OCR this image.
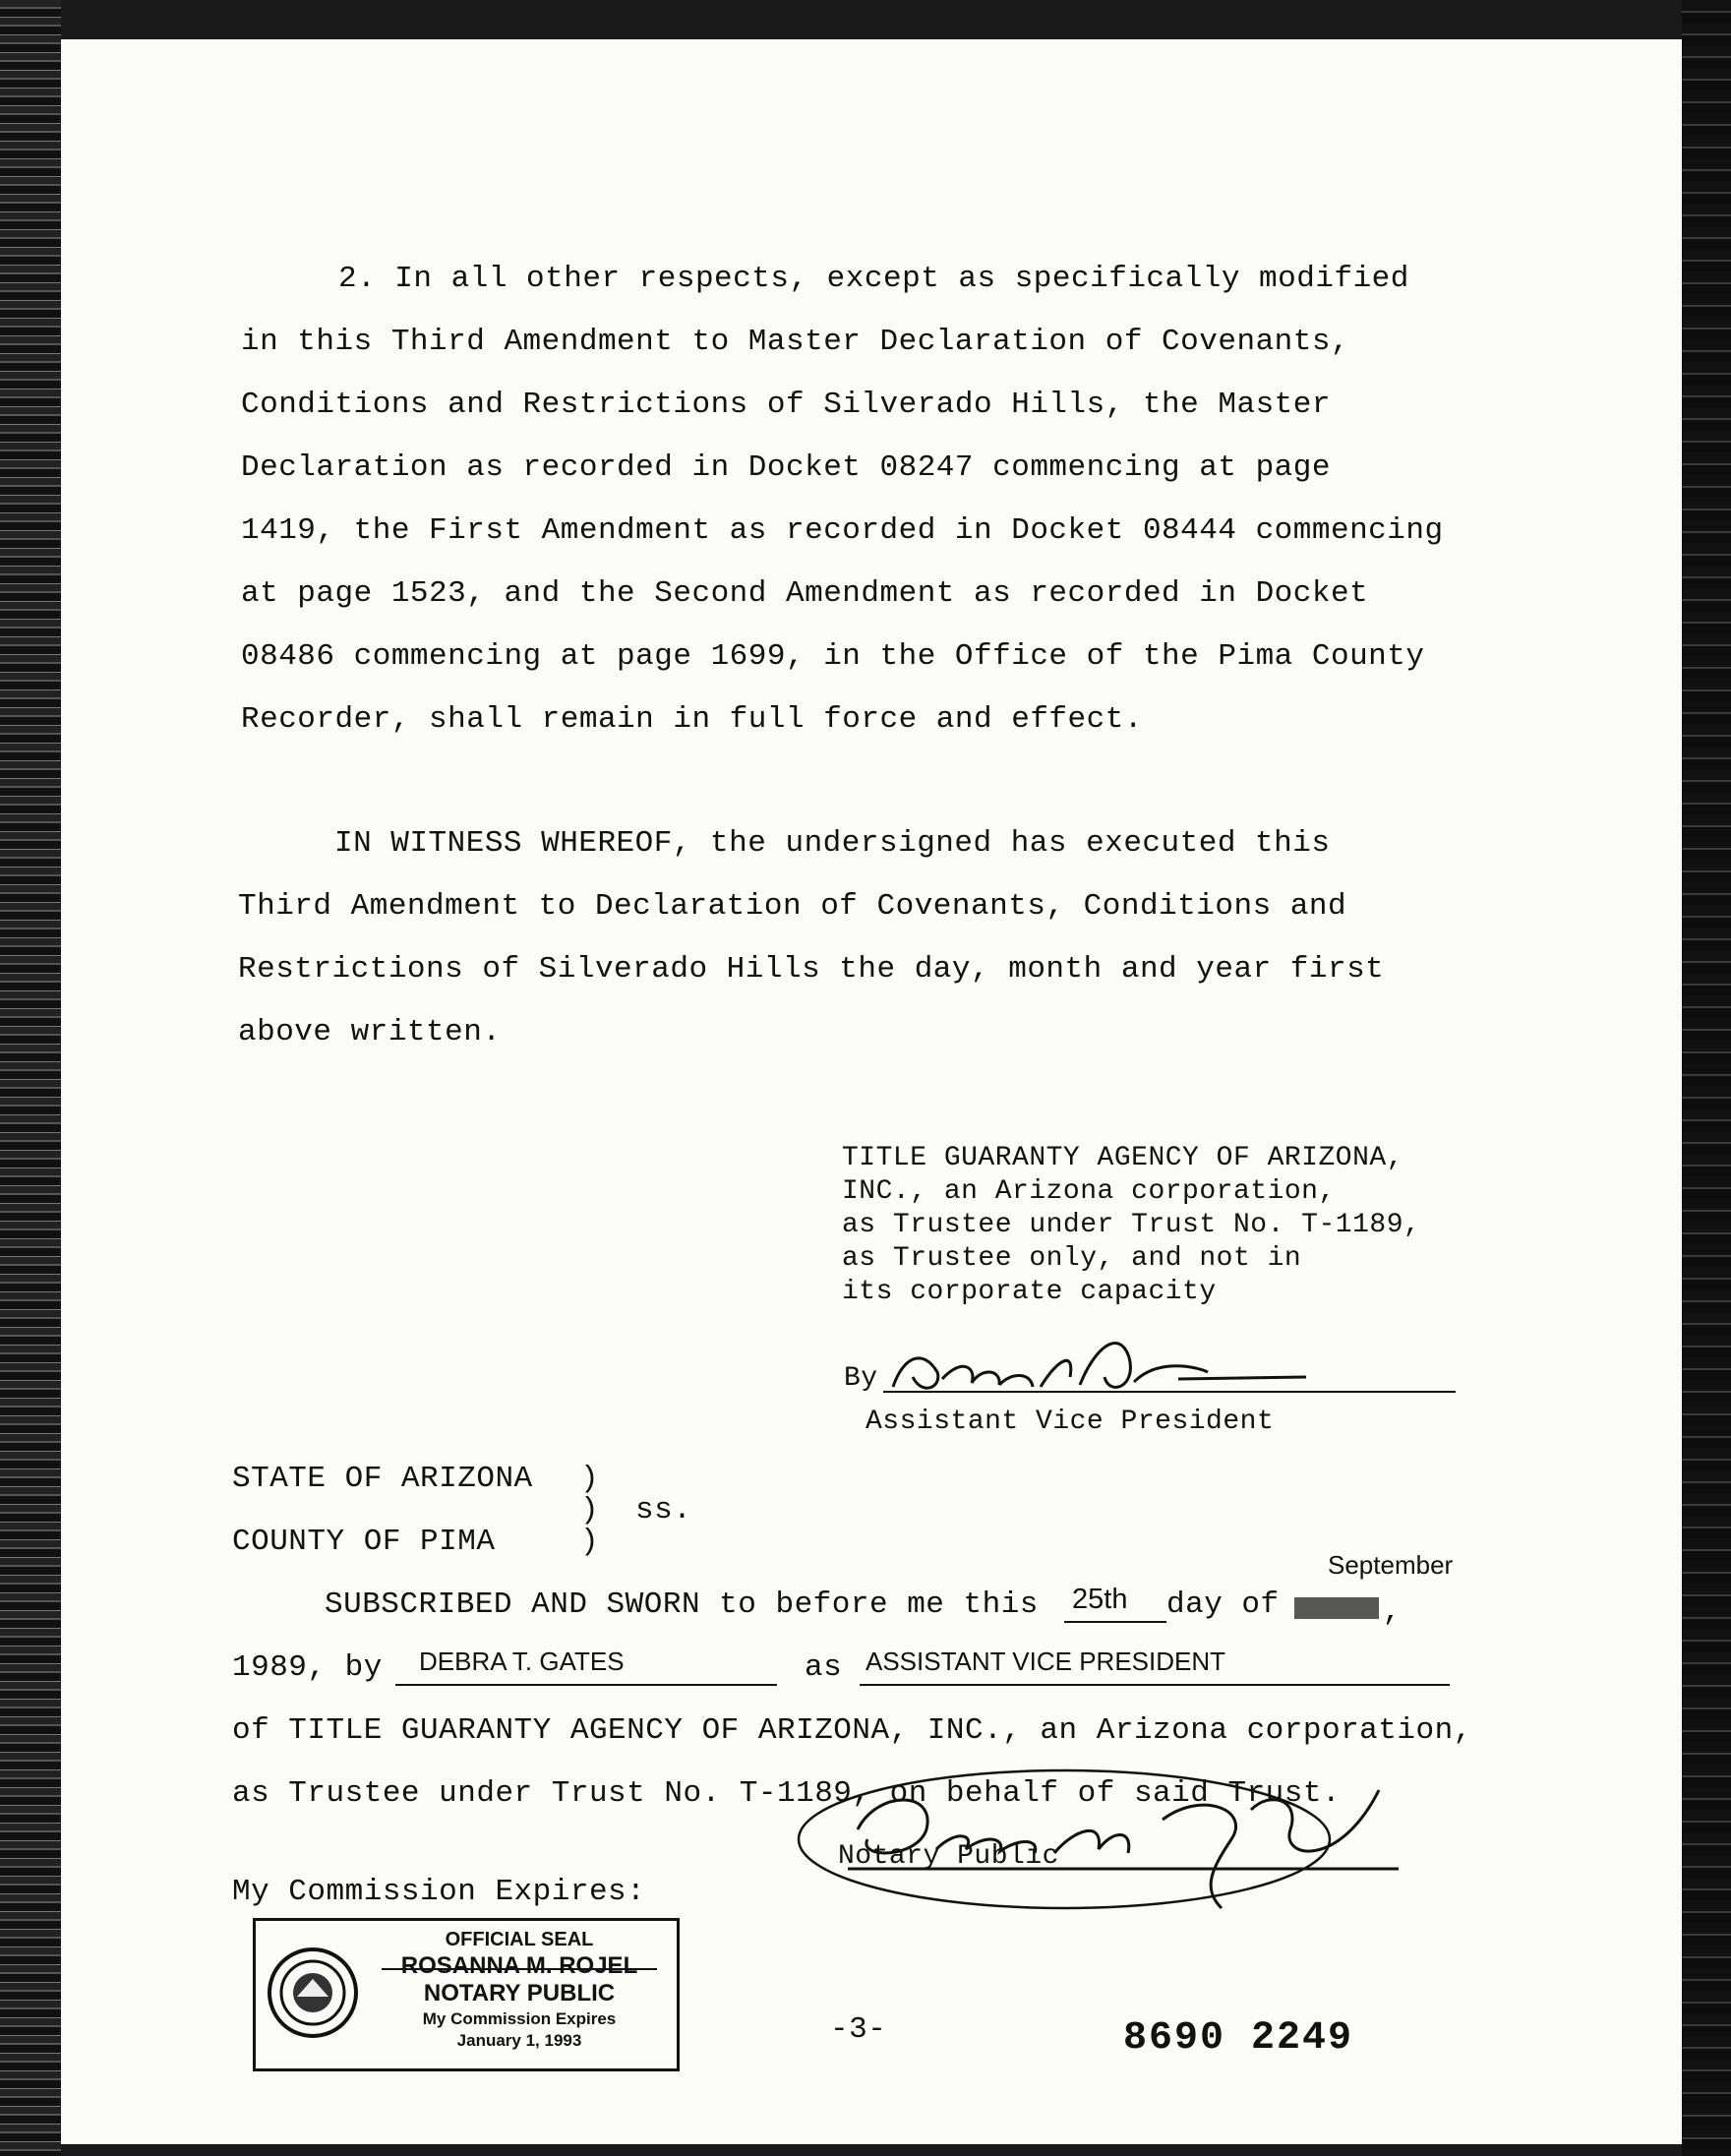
2. In all other respects, except as specifically modified
in this Third Amendment to Master Declaration of Covenants,
Conditions and Restrictions of Silverado Hills, the Master
Declaration as recorded in Docket 08247 commencing at page
1419, the First Amendment as recorded in Docket 08444 commencing
at page 1523, and the Second Amendment as recorded in Docket
08486 commencing at page 1699, in the Office of the Pima County
Recorder, shall remain in full force and effect.
IN WITNESS WHEREOF, the undersigned has executed this
Third Amendment to Declaration of Covenants, Conditions and
Restrictions of Silverado Hills the day, month and year first
above written.
TITLE GUARANTY AGENCY OF ARIZONA,
INC., an Arizona corporation,
as Trustee under Trust No. T-1189,
as Trustee only, and not in
its corporate capacity
By
Assistant Vice President
STATE OF ARIZONA )
) ss.
COUNTY OF PIMA	)
September
SUBSCRIBED AND SWORN to before me this 25th day of	,
1989, by DEBRA T. GATES	as ASSISTANT VICE PRESIDENT
of TITLE GUARANTY AGENCY OF ARIZONA, INC., an Arizona corporation,
as Trustee under Trust No. T-1189, on behalf of said Trust.
Notary Public
My Commission Expires:
OFFICIAL SEAL
ROSANNA M. ROJEL
NOTARY PUBLIC
My Commission Expires
January 1, 1993	-3-	8690 2249
